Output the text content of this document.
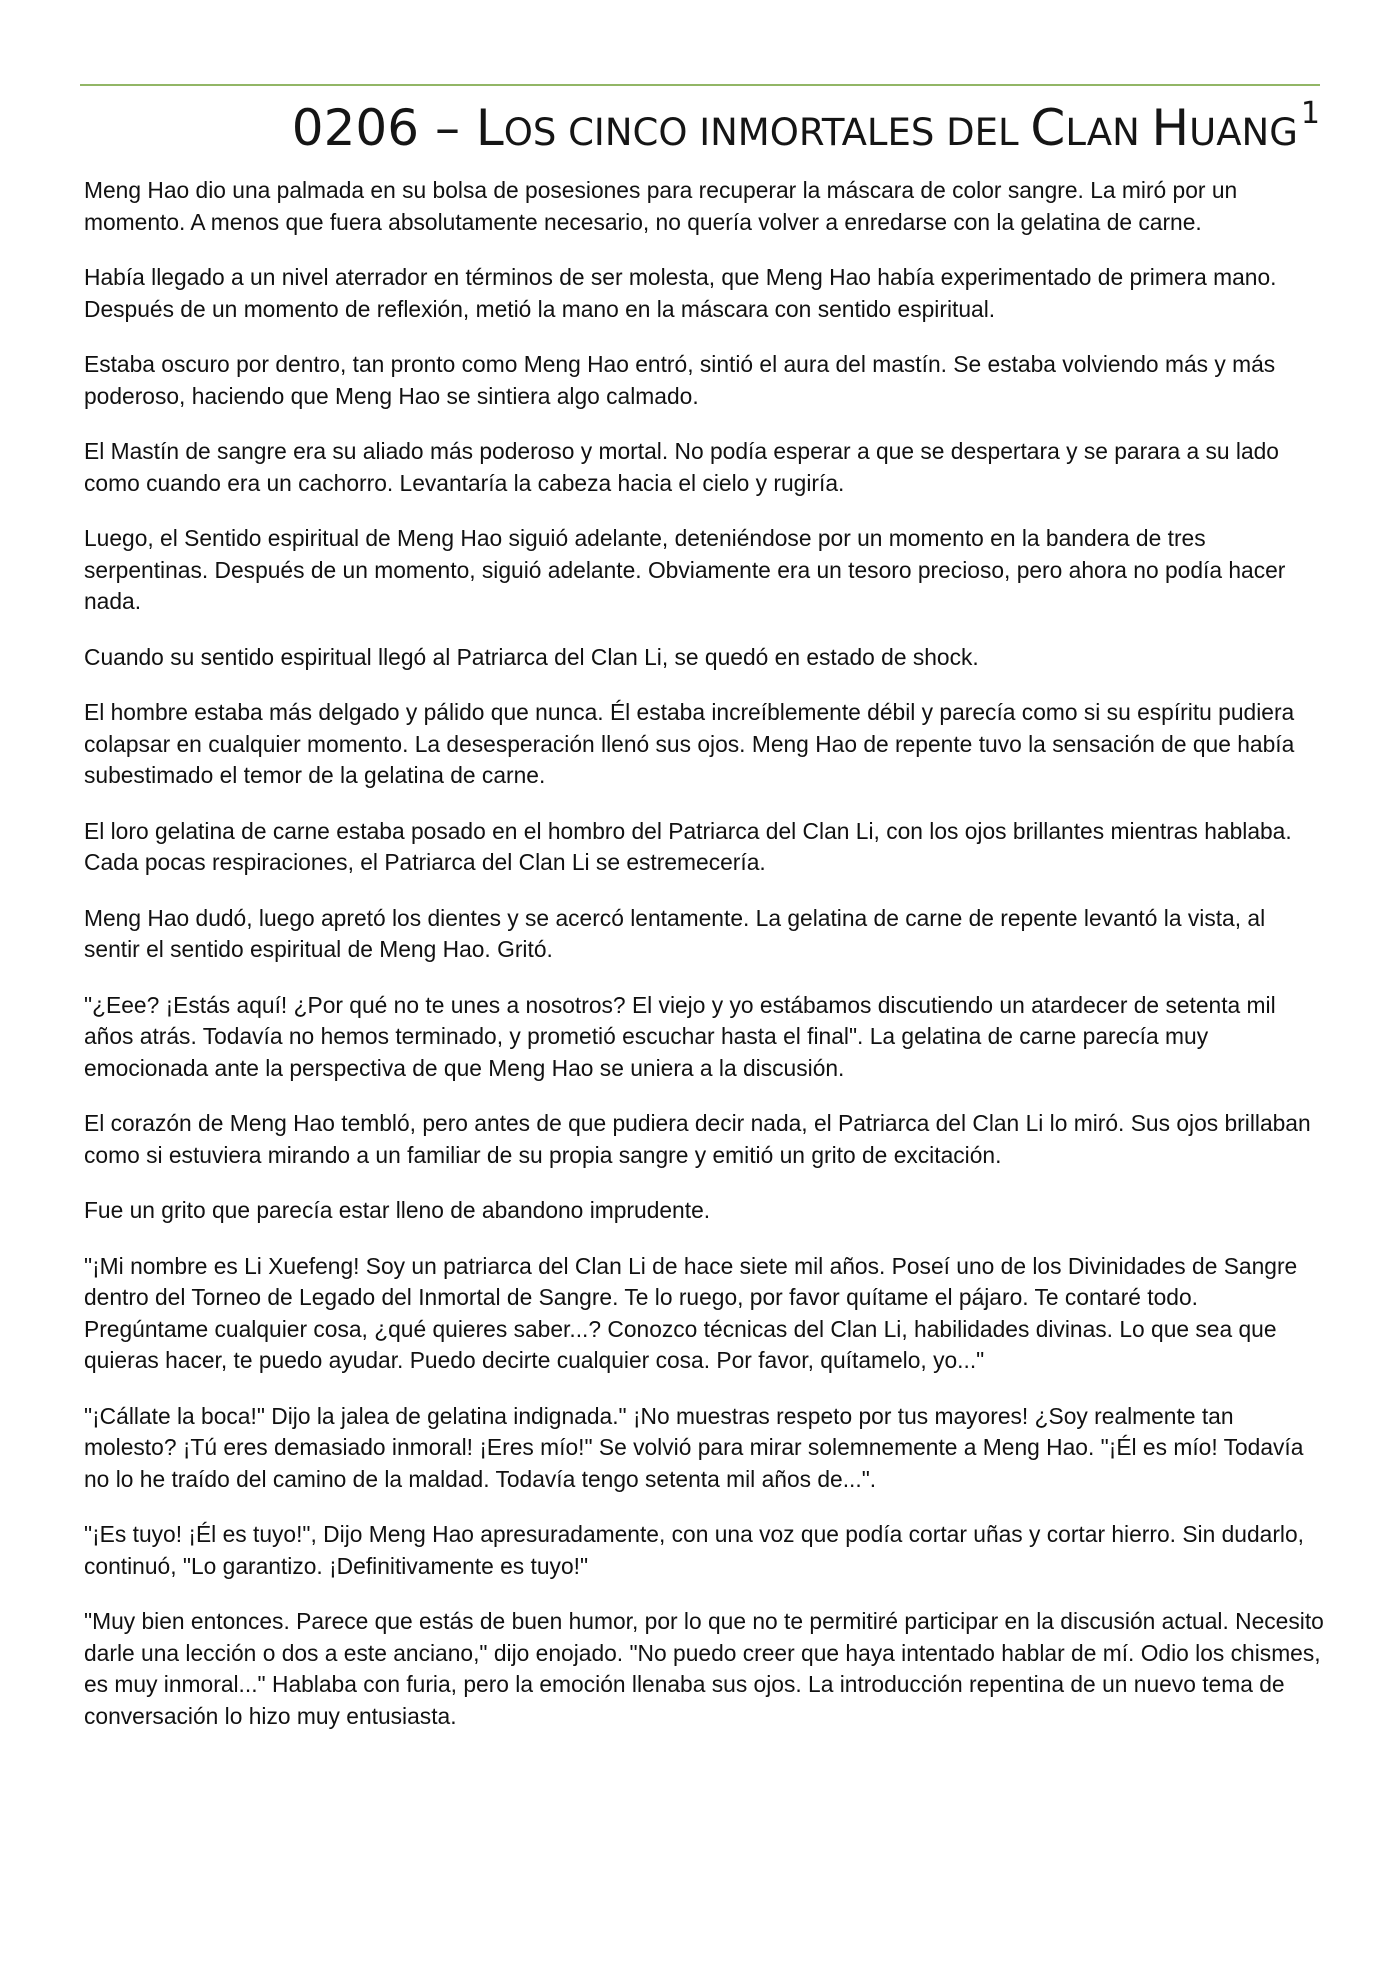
0206 – LOS CINCO INMORTALES DEL CLAN HUANG $^1$

Meng Hao dio una palmada en su bolsa de posesiones para recuperar la máscara de color sangre. La miró por un momento. A menos que fuera absolutamente necesario, no quería volver a enredarse con la gelatina de carne.

Había llegado a un nivel aterrador en términos de ser molesta, que Meng Hao había experimentado de primera mano. Después de un momento de reflexión, metió la mano en la máscara con sentido espiritual.

Estaba oscuro por dentro, tan pronto como Meng Hao entró, sintió el aura del mastín. Se estaba volviendo más y más poderoso, haciendo que Meng Hao se sintiera algo calmado.

El Mastín de sangre era su aliado más poderoso y mortal. No podía esperar a que se despertara y se parara a su lado como cuando era un cachorro. Levantaría la cabeza hacia el cielo y rugiría.

Luego, el Sentido espiritual de Meng Hao siguió adelante, deteniéndose por un momento en la bandera de tres serpentinas. Después de un momento, siguió adelante. Obviamente era un tesoro precioso, pero ahora no podía hacer nada.

Cuando su sentido espiritual llegó al Patriarca del Clan Li, se quedó en estado de shock.

El hombre estaba más delgado y pálido que nunca. Él estaba increíblemente débil y parecía como si su espíritu pudiera colapsar en cualquier momento. La desesperación llenó sus ojos. Meng Hao de repente tuvo la sensación de que había subestimado el temor de la gelatina de carne.

El loro gelatina de carne estaba posado en el hombro del Patriarca del Clan Li, con los ojos brillantes mientras hablaba. Cada pocas respiraciones, el Patriarca del Clan Li se estremecería.

Meng Hao dudó, luego apretó los dientes y se acercó lentamente. La gelatina de carne de repente levantó la vista, al sentir el sentido espiritual de Meng Hao. Gritó.

"¿Eee? ¡Estás aquí! ¿Por qué no te unes a nosotros? El viejo y yo estábamos discutiendo un atardecer de setenta mil años atrás. Todavía no hemos terminado, y prometió escuchar hasta el final". La gelatina de carne parecía muy emocionada ante la perspectiva de que Meng Hao se uniera a la discusión.

El corazón de Meng Hao tembló, pero antes de que pudiera decir nada, el Patriarca del Clan Li lo miró. Sus ojos brillaban como si estuviera mirando a un familiar de su propia sangre y emitió un grito de excitación.

Fue un grito que parecía estar lleno de abandono imprudente.

"¡Mi nombre es Li Xuefeng! Soy un patriarca del Clan Li de hace siete mil años. Poseí uno de los Divinidades de Sangre dentro del Torneo de Legado del Inmortal de Sangre. Te lo ruego, por favor quítame el pájaro. Te contaré todo. Pregúntame cualquier cosa, ¿qué quieres saber...? Conozco técnicas del Clan Li, habilidades divinas. Lo que sea que quieras hacer, te puedo ayudar. Puedo decirte cualquier cosa. Por favor, quítamelo, yo..."

"¡Cállate la boca!" Dijo la jalea de gelatina indignada." ¡No muestras respeto por tus mayores! ¿Soy realmente tan molesto? ¡Tú eres demasiado inmoral! ¡Eres mío!" Se volvió para mirar solemnemente a Meng Hao. "¡Él es mío! Todavía no lo he traído del camino de la maldad. Todavía tengo setenta mil años de...".

"¡Es tuyo! ¡Él es tuyo!", Dijo Meng Hao apresuradamente, con una voz que podía cortar uñas y cortar hierro. Sin dudarlo, continuó, "Lo garantizo. ¡Definitivamente es tuyo!"

"Muy bien entonces. Parece que estás de buen humor, por lo que no te permitiré participar en la discusión actual. Necesito darle una lección o dos a este anciano," dijo enojado. "No puedo creer que haya intentado hablar de mí. Odio los chismes, es muy inmoral..." Hablaba con furia, pero la emoción llenaba sus ojos. La introducción repentina de un nuevo tema de conversación lo hizo muy entusiasta.
